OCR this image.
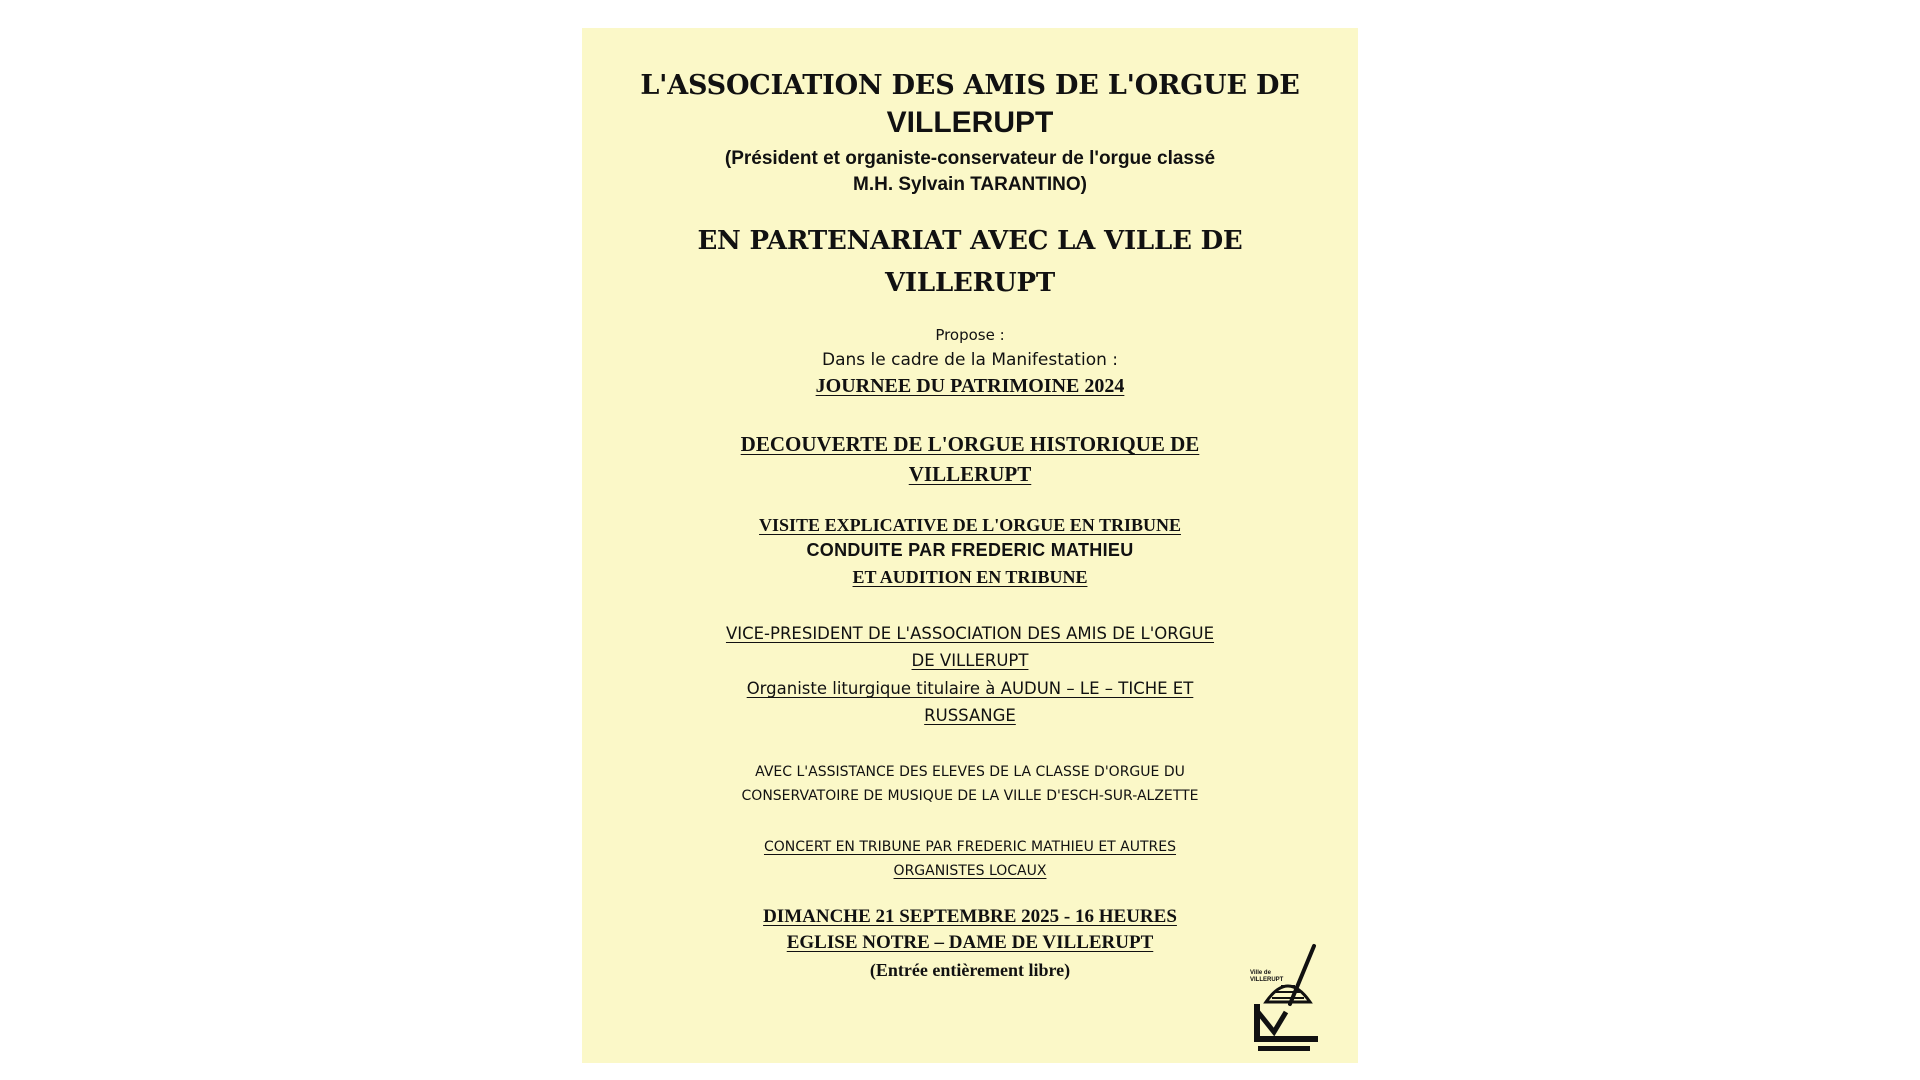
L'ASSOCIATION DES AMIS DE L'ORGUE DE
VILLERUPT
(Président et organiste-conservateur de l'orgue classé
M.H. Sylvain TARANTINO)
EN PARTENARIAT AVEC LA VILLE DE
VILLERUPT
Propose :
Dans le cadre de la Manifestation :
JOURNEE DU PATRIMOINE 2024
DECOUVERTE DE L'ORGUE HISTORIQUE DE
VILLERUPT
VISITE EXPLICATIVE DE L'ORGUE EN TRIBUNE
CONDUITE PAR FREDERIC MATHIEU
ET AUDITION EN TRIBUNE
VICE-PRESIDENT DE L'ASSOCIATION DES AMIS DE L'ORGUE
DE VILLERUPT
Organiste liturgique titulaire à AUDUN – LE – TICHE ET
RUSSANGE
AVEC L'ASSISTANCE DES ELEVES DE LA CLASSE D'ORGUE DU
CONSERVATOIRE DE MUSIQUE DE LA VILLE D'ESCH-SUR-ALZETTE
CONCERT EN TRIBUNE PAR FREDERIC MATHIEU ET AUTRES
ORGANISTES LOCAUX
DIMANCHE 21 SEPTEMBRE 2025 - 16 HEURES
EGLISE NOTRE – DAME DE VILLERUPT
(Entrée entièrement libre)	Ville de
VILLERUPT
